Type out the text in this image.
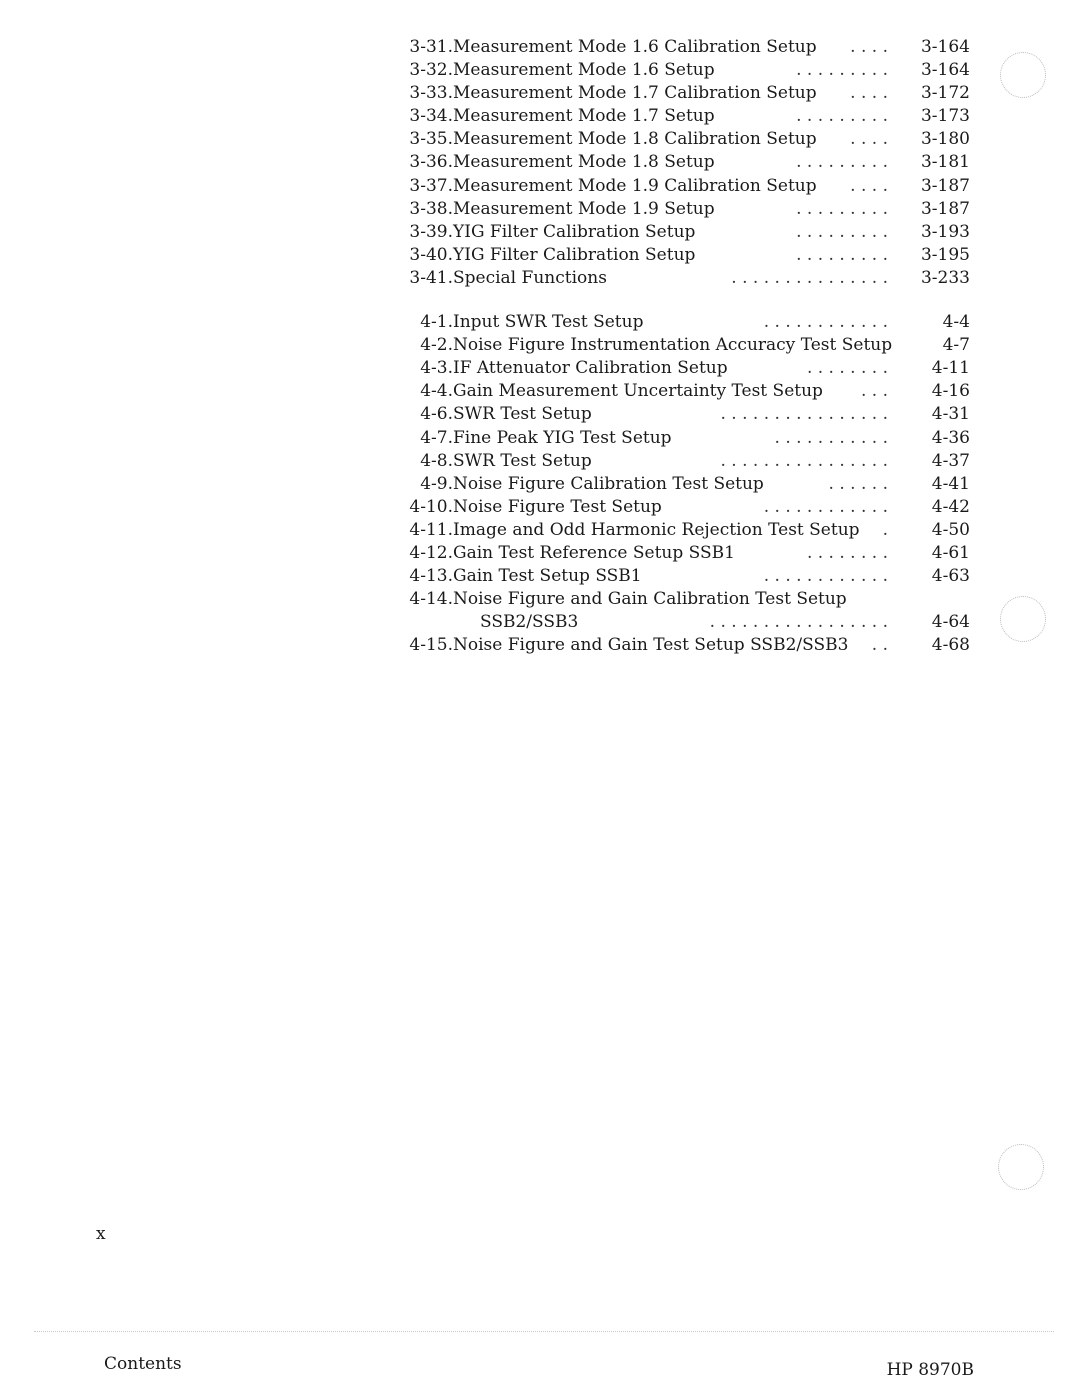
3-31. Measurement Mode 1.6 Calibration Setup . . . . 3-164
3-32. Measurement Mode 1.6 Setup	. . . . . . . . . 3-164
3-33. Measurement Mode 1.7 Calibration Setup . . . . 3-172
3-34. Measurement Mode 1.7 Setup	. . . . . . . . . 3-173
3-35. Measurement Mode 1.8 Calibration Setup . . . . 3-180
3-36. Measurement Mode 1.8 Setup	. . . . . . . . . 3-181
3-37. Measurement Mode 1.9 Calibration Setup . . . . 3-187
3-38. Measurement Mode 1.9 Setup	. . . . . . . . . 3-187
3-39. YIG Filter Calibration Setup	. . . . . . . . . 3-193
3-40. YIG Filter Calibration Setup	. . . . . . . . . 3-195
3-41. Special Functions	. . . . . . . . . . . . . . . 3-233
4-1. Input SWR Test Setup	. . . . . . . . . . . .	4-4
4-2. Noise Figure Instrumentation Accuracy Test Setup	4-7
4-3. IF Attenuator Calibration Setup	. . . . . . . .	4-11
4-4. Gain Measurement Uncertainty Test Setup . . .	4-16
4-6. SWR Test Setup	. . . . . . . . . . . . . . . .	4-31
4-7. Fine Peak YIG Test Setup	. . . . . . . . . . .	4-36
4-8. SWR Test Setup	. . . . . . . . . . . . . . . .	4-37
4-9. Noise Figure Calibration Test Setup	. . . . . .	4-41
4-10. Noise Figure Test Setup	. . . . . . . . . . . .	4-42
4-11. Image and Odd Harmonic Rejection Test Setup .	4-50
4-12. Gain Test Reference Setup SSB1	. . . . . . . .	4-61
4-13. Gain Test Setup SSB1	. . . . . . . . . . . .	4-63
4-14. Noise Figure and Gain Calibration Test Setup
SSB2/SSB3	. . . . . . . . . . . . . . . . .	4-64
4-15. Noise Figure and Gain Test Setup SSB2/SSB3 . .	4-68
x
Contents	HP 8970B
